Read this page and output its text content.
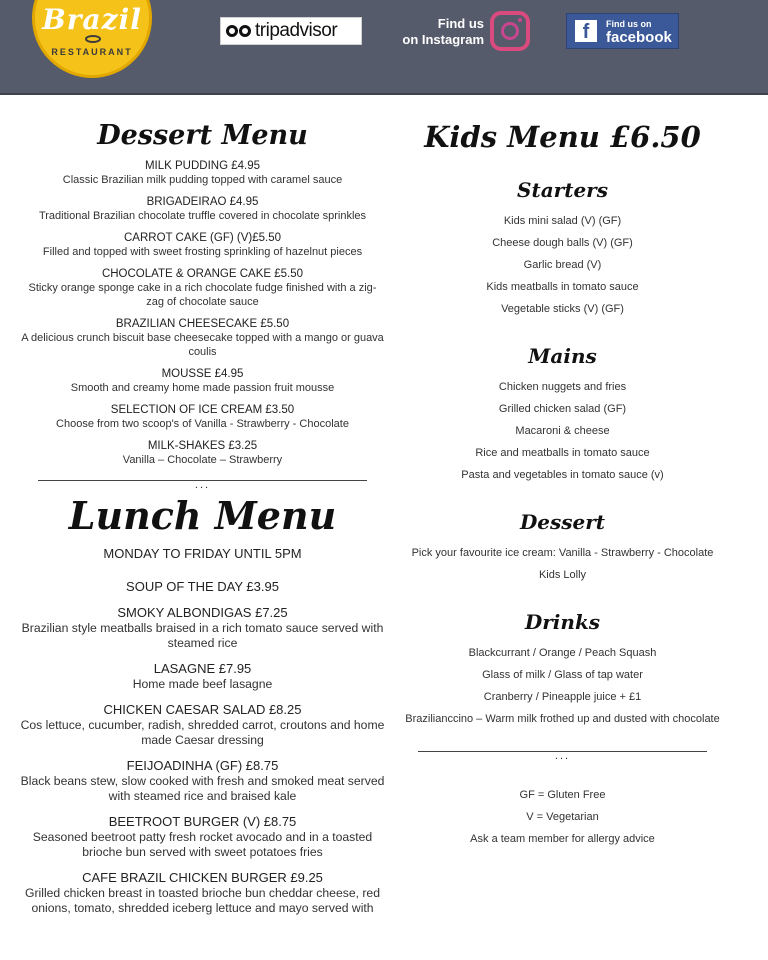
Brazil
RESTAURANT
tripadvisor	Find us
on Instagram	f	Find us on
facebook
Dessert Menu
MILK PUDDING £4.95
Classic Brazilian milk pudding topped with caramel sauce
BRIGADEIRAO £4.95
Traditional Brazilian chocolate truffle covered in chocolate sprinkles
CARROT CAKE (GF) (V)£5.50
Filled and topped with sweet frosting sprinkling of hazelnut pieces
CHOCOLATE & ORANGE CAKE £5.50
Sticky orange sponge cake in a rich chocolate fudge finished with a zig-zag of chocolate sauce
BRAZILIAN CHEESECAKE £5.50
A delicious crunch biscuit base cheesecake topped with a mango or guava coulis
MOUSSE £4.95
Smooth and creamy home made passion fruit mousse
SELECTION OF ICE CREAM £3.50
Choose from two scoop's of Vanilla - Strawberry - Chocolate
MILK-SHAKES £3.25
Vanilla – Chocolate – Strawberry
...
Lunch Menu
MONDAY TO FRIDAY UNTIL 5PM
SOUP OF THE DAY £3.95
SMOKY ALBONDIGAS £7.25
Brazilian style meatballs braised in a rich tomato sauce served with steamed rice
LASAGNE £7.95
Home made beef lasagne
CHICKEN CAESAR SALAD £8.25
Cos lettuce, cucumber, radish, shredded carrot, croutons and home made Caesar dressing
FEIJOADINHA (GF) £8.75
Black beans stew, slow cooked with fresh and smoked meat served with steamed rice and braised kale
BEETROOT BURGER (V) £8.75
Seasoned beetroot patty fresh rocket avocado and in a toasted brioche bun served with sweet potatoes fries
CAFE BRAZIL CHICKEN BURGER £9.25
Grilled chicken breast in toasted brioche bun cheddar cheese, red onions, tomato, shredded iceberg lettuce and mayo served with
Kids Menu £6.50
Starters
Kids mini salad (V) (GF)
Cheese dough balls (V) (GF)
Garlic bread (V)
Kids meatballs in tomato sauce
Vegetable sticks (V) (GF)
Mains
Chicken nuggets and fries
Grilled chicken salad (GF)
Macaroni & cheese
Rice and meatballs in tomato sauce
Pasta and vegetables in tomato sauce (v)
Dessert
Pick your favourite ice cream: Vanilla - Strawberry - Chocolate
Kids Lolly
Drinks
Blackcurrant / Orange / Peach Squash
Glass of milk / Glass of tap water
Cranberry / Pineapple juice + £1
Brazilianccino – Warm milk frothed up and dusted with chocolate
...
GF = Gluten Free
V = Vegetarian
Ask a team member for allergy advice
